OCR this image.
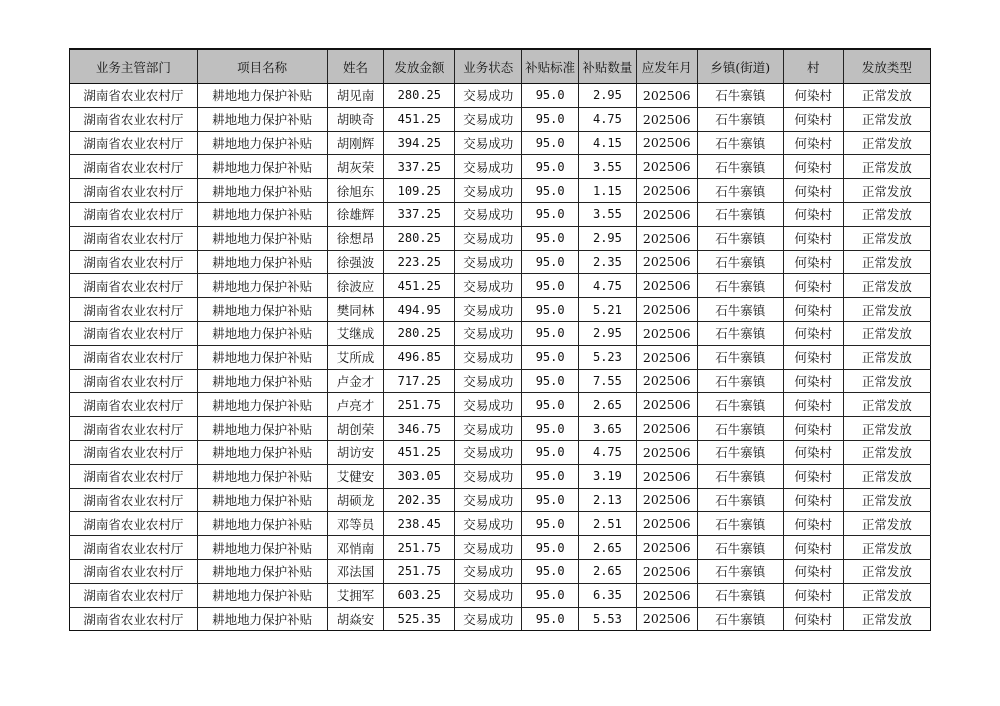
业务主管部门	项目名称	姓名	发放金额	业务状态	补贴标准	补贴数量	应发年月	乡镇(街道)	村	发放类型
湖南省农业农村厅	耕地地力保护补贴	胡见南	280.25	交易成功	95.0	2.95	202506	石牛寨镇	何染村	正常发放
湖南省农业农村厅	耕地地力保护补贴	胡映奇	451.25	交易成功	95.0	4.75	202506	石牛寨镇	何染村	正常发放
湖南省农业农村厅	耕地地力保护补贴	胡刚辉	394.25	交易成功	95.0	4.15	202506	石牛寨镇	何染村	正常发放
湖南省农业农村厅	耕地地力保护补贴	胡灰荣	337.25	交易成功	95.0	3.55	202506	石牛寨镇	何染村	正常发放
湖南省农业农村厅	耕地地力保护补贴	徐旭东	109.25	交易成功	95.0	1.15	202506	石牛寨镇	何染村	正常发放
湖南省农业农村厅	耕地地力保护补贴	徐雄辉	337.25	交易成功	95.0	3.55	202506	石牛寨镇	何染村	正常发放
湖南省农业农村厅	耕地地力保护补贴	徐想昂	280.25	交易成功	95.0	2.95	202506	石牛寨镇	何染村	正常发放
湖南省农业农村厅	耕地地力保护补贴	徐强波	223.25	交易成功	95.0	2.35	202506	石牛寨镇	何染村	正常发放
湖南省农业农村厅	耕地地力保护补贴	徐波应	451.25	交易成功	95.0	4.75	202506	石牛寨镇	何染村	正常发放
湖南省农业农村厅	耕地地力保护补贴	樊同林	494.95	交易成功	95.0	5.21	202506	石牛寨镇	何染村	正常发放
湖南省农业农村厅	耕地地力保护补贴	艾继成	280.25	交易成功	95.0	2.95	202506	石牛寨镇	何染村	正常发放
湖南省农业农村厅	耕地地力保护补贴	艾所成	496.85	交易成功	95.0	5.23	202506	石牛寨镇	何染村	正常发放
湖南省农业农村厅	耕地地力保护补贴	卢金才	717.25	交易成功	95.0	7.55	202506	石牛寨镇	何染村	正常发放
湖南省农业农村厅	耕地地力保护补贴	卢亮才	251.75	交易成功	95.0	2.65	202506	石牛寨镇	何染村	正常发放
湖南省农业农村厅	耕地地力保护补贴	胡创荣	346.75	交易成功	95.0	3.65	202506	石牛寨镇	何染村	正常发放
湖南省农业农村厅	耕地地力保护补贴	胡访安	451.25	交易成功	95.0	4.75	202506	石牛寨镇	何染村	正常发放
湖南省农业农村厅	耕地地力保护补贴	艾健安	303.05	交易成功	95.0	3.19	202506	石牛寨镇	何染村	正常发放
湖南省农业农村厅	耕地地力保护补贴	胡硕龙	202.35	交易成功	95.0	2.13	202506	石牛寨镇	何染村	正常发放
湖南省农业农村厅	耕地地力保护补贴	邓等员	238.45	交易成功	95.0	2.51	202506	石牛寨镇	何染村	正常发放
湖南省农业农村厅	耕地地力保护补贴	邓悄南	251.75	交易成功	95.0	2.65	202506	石牛寨镇	何染村	正常发放
湖南省农业农村厅	耕地地力保护补贴	邓法国	251.75	交易成功	95.0	2.65	202506	石牛寨镇	何染村	正常发放
湖南省农业农村厅	耕地地力保护补贴	艾拥军	603.25	交易成功	95.0	6.35	202506	石牛寨镇	何染村	正常发放
湖南省农业农村厅	耕地地力保护补贴	胡焱安	525.35	交易成功	95.0	5.53	202506	石牛寨镇	何染村	正常发放
